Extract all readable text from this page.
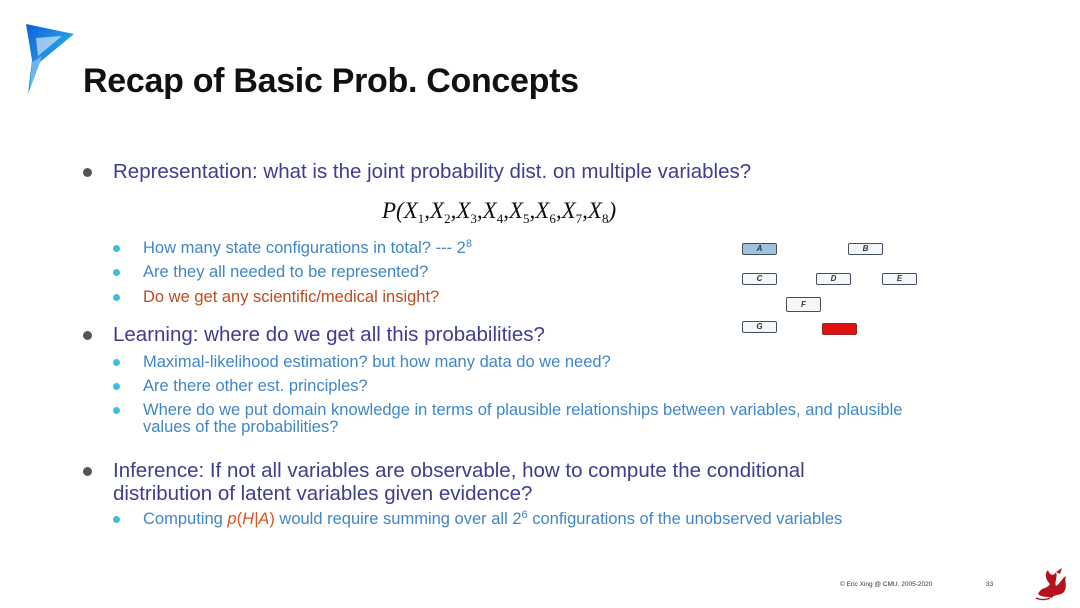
Recap of Basic Prob. Concepts
Representation: what is the joint probability dist. on multiple variables?
$P(X_1,X_2,X_3,X_4,X_5,X_6,X_7,X_8)$
How many state configurations in total? --- $2^8$
Are they all needed to be represented?
Do we get any scientific/medical insight?
Learning: where do we get all this probabilities?
Maximal-likelihood estimation? but how many data do we need?
Are there other est. principles?
Where do we put domain knowledge in terms of plausible relationships between variables, and plausible
values of the probabilities?
Inference: If not all variables are observable, how to compute the conditional
distribution of latent variables given evidence?
Computing p(H|A) would require summing over all $2^6$ configurations of the unobserved variables
A	B
C	D	E
F
G	H
© Eric Xing @ CMU, 2005-2020	33
